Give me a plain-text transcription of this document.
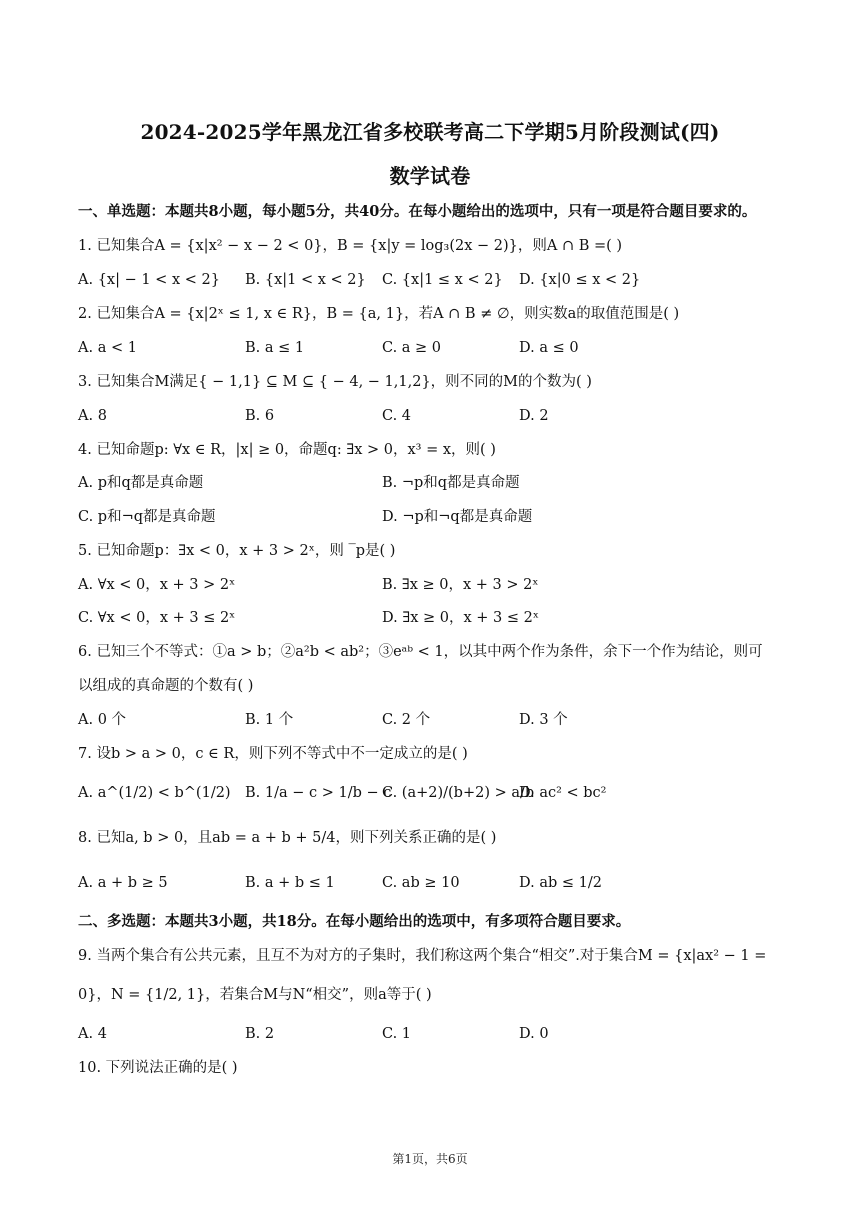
2024-2025学年黑龙江省多校联考高二下学期5月阶段测试(四)
数学试卷
一、单选题：本题共8小题，每小题5分，共40分。在每小题给出的选项中，只有一项是符合题目要求的。
1. 已知集合A = {x|x² − x − 2 < 0}，B = {x|y = log₃(2x − 2)}，则A ∩ B =( )
A. {x| − 1 < x < 2} B. {x|1 < x < 2} C. {x|1 ≤ x < 2} D. {x|0 ≤ x < 2}
2. 已知集合A = {x|2ˣ ≤ 1, x ∈ R}，B = {a, 1}，若A ∩ B ≠ ∅，则实数a的取值范围是( )
A. a < 1	B. a ≤ 1	C. a ≥ 0	D. a ≤ 0
3. 已知集合M满足{ − 1,1} ⊆ M ⊆ { − 4, − 1,1,2}，则不同的M的个数为( )
A. 8	B. 6	C. 4	D. 2
4. 已知命题p: ∀x ∈ R，|x| ≥ 0，命题q: ∃x > 0，x³ = x，则( )
A. p和q都是真命题	B. ¬p和q都是真命题
C. p和¬q都是真命题	D. ¬p和¬q都是真命题
5. 已知命题p：∃x < 0，x + 3 > 2ˣ，则 ‾p是( )
A. ∀x < 0，x + 3 > 2ˣ	B. ∃x ≥ 0，x + 3 > 2ˣ
C. ∀x < 0，x + 3 ≤ 2ˣ	D. ∃x ≥ 0，x + 3 ≤ 2ˣ
6. 已知三个不等式：①a > b；②a²b < ab²；③eᵃᵇ < 1，以其中两个作为条件，余下一个作为结论，则可
以组成的真命题的个数有( )
A. 0 个	B. 1 个	C. 2 个	D. 3 个
7. 设b > a > 0，c ∈ R，则下列不等式中不一定成立的是( )
A. a^(1/2) < b^(1/2) B. 1/a − c > 1/b − c
C. (a+2)/(b+2) > a/b
D. ac² < bc²
8. 已知a, b > 0，且ab = a + b + 5/4，则下列关系正确的是( )
A. a + b ≥ 5	B. a + b ≤ 1	C. ab ≥ 10	D. ab ≤ 1/2
二、多选题：本题共3小题，共18分。在每小题给出的选项中，有多项符合题目要求。
9. 当两个集合有公共元素，且互不为对方的子集时，我们称这两个集合“相交”.对于集合M = {x|ax² − 1 =
0}，N = {1/2, 1}，若集合M与N“相交”，则a等于( )
A. 4	B. 2	C. 1	D. 0
10. 下列说法正确的是( )
第1页，共6页
